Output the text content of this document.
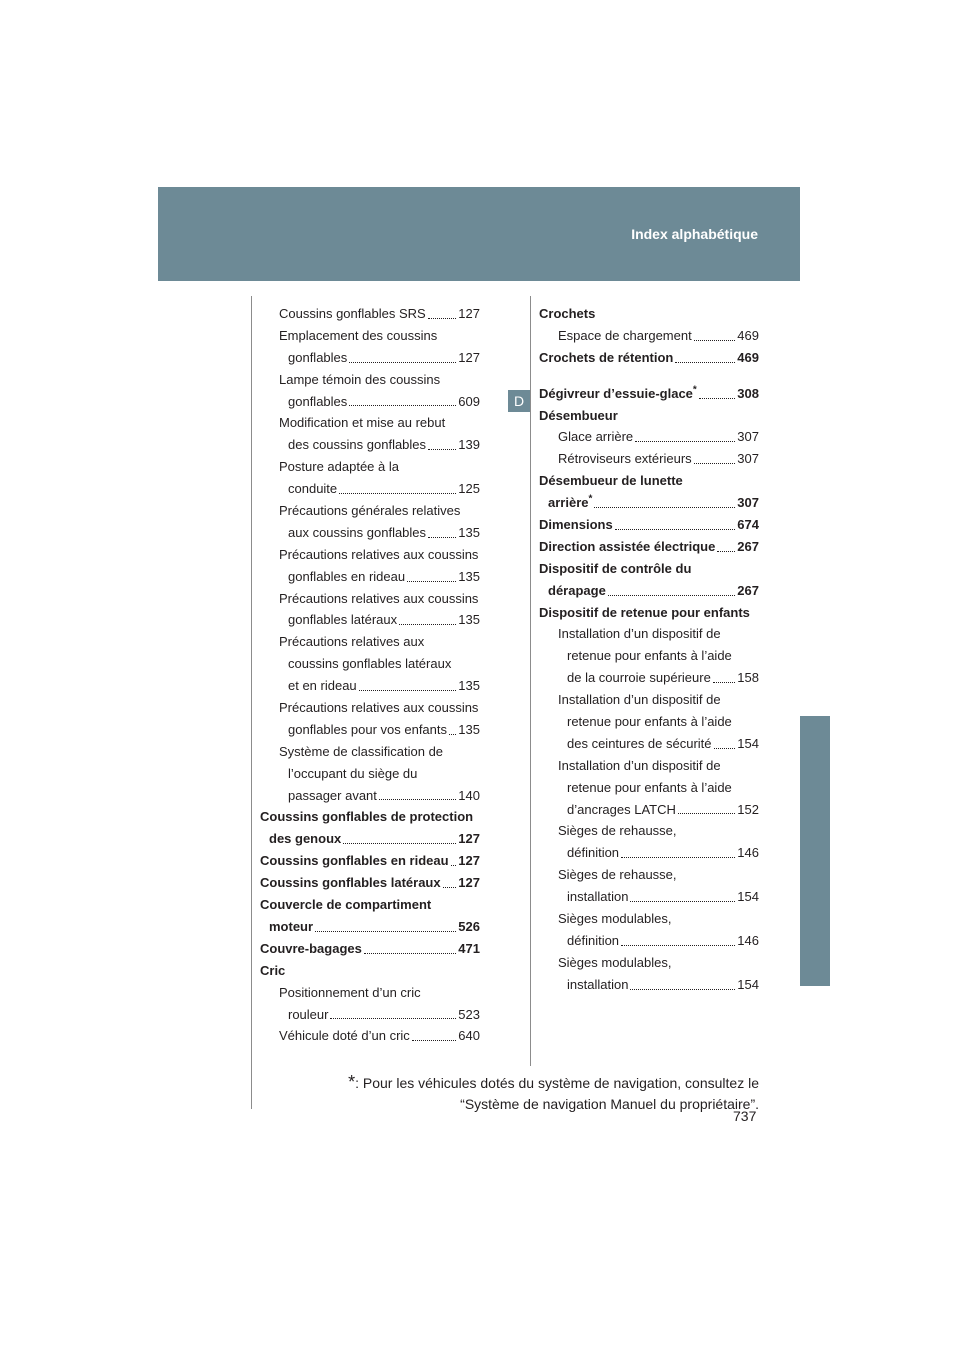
Index alphabétique
D
Coussins gonflables SRS	127
Emplacement des coussins
gonflables	127
Lampe témoin des coussins
gonflables	609
Modification et mise au rebut
des coussins gonflables 139
Posture adaptée à la
conduite	125
Précautions générales relatives
aux coussins gonflables 135
Précautions relatives aux coussins
gonflables en rideau	135
Précautions relatives aux coussins
gonflables latéraux	135
Précautions relatives aux
coussins gonflables latéraux
et en rideau	135
Précautions relatives aux coussins
gonflables pour vos enfants 135
Système de classification de
l’occupant du siège du
passager avant	140
Coussins gonflables de protection
des genoux	127
Coussins gonflables en rideau 127
Coussins gonflables latéraux 127
Couvercle de compartiment
moteur	526
Couvre-bagages	471
Cric
Positionnement d’un cric
rouleur	523
Véhicule doté d’un cric	640
Crochets
Espace de chargement	469
Crochets de rétention	469
Dégivreur d’essuie-glace*	308
Désembueur
Glace arrière	307
Rétroviseurs extérieurs	307
Désembueur de lunette
arrière*	307
Dimensions	674
Direction assistée électrique 267
Dispositif de contrôle du
dérapage	267
Dispositif de retenue pour enfants
Installation d’un dispositif de
retenue pour enfants à l’aide
de la courroie supérieure 158
Installation d’un dispositif de
retenue pour enfants à l’aide
des ceintures de sécurité 154
Installation d’un dispositif de
retenue pour enfants à l’aide
d’ancrages LATCH	152
Sièges de rehausse,
définition	146
Sièges de rehausse,
installation	154
Sièges modulables,
définition	146
Sièges modulables,
installation	154
*: Pour les véhicules dotés du système de navigation, consultez le
“Système de navigation Manuel du propriétaire”.
737
